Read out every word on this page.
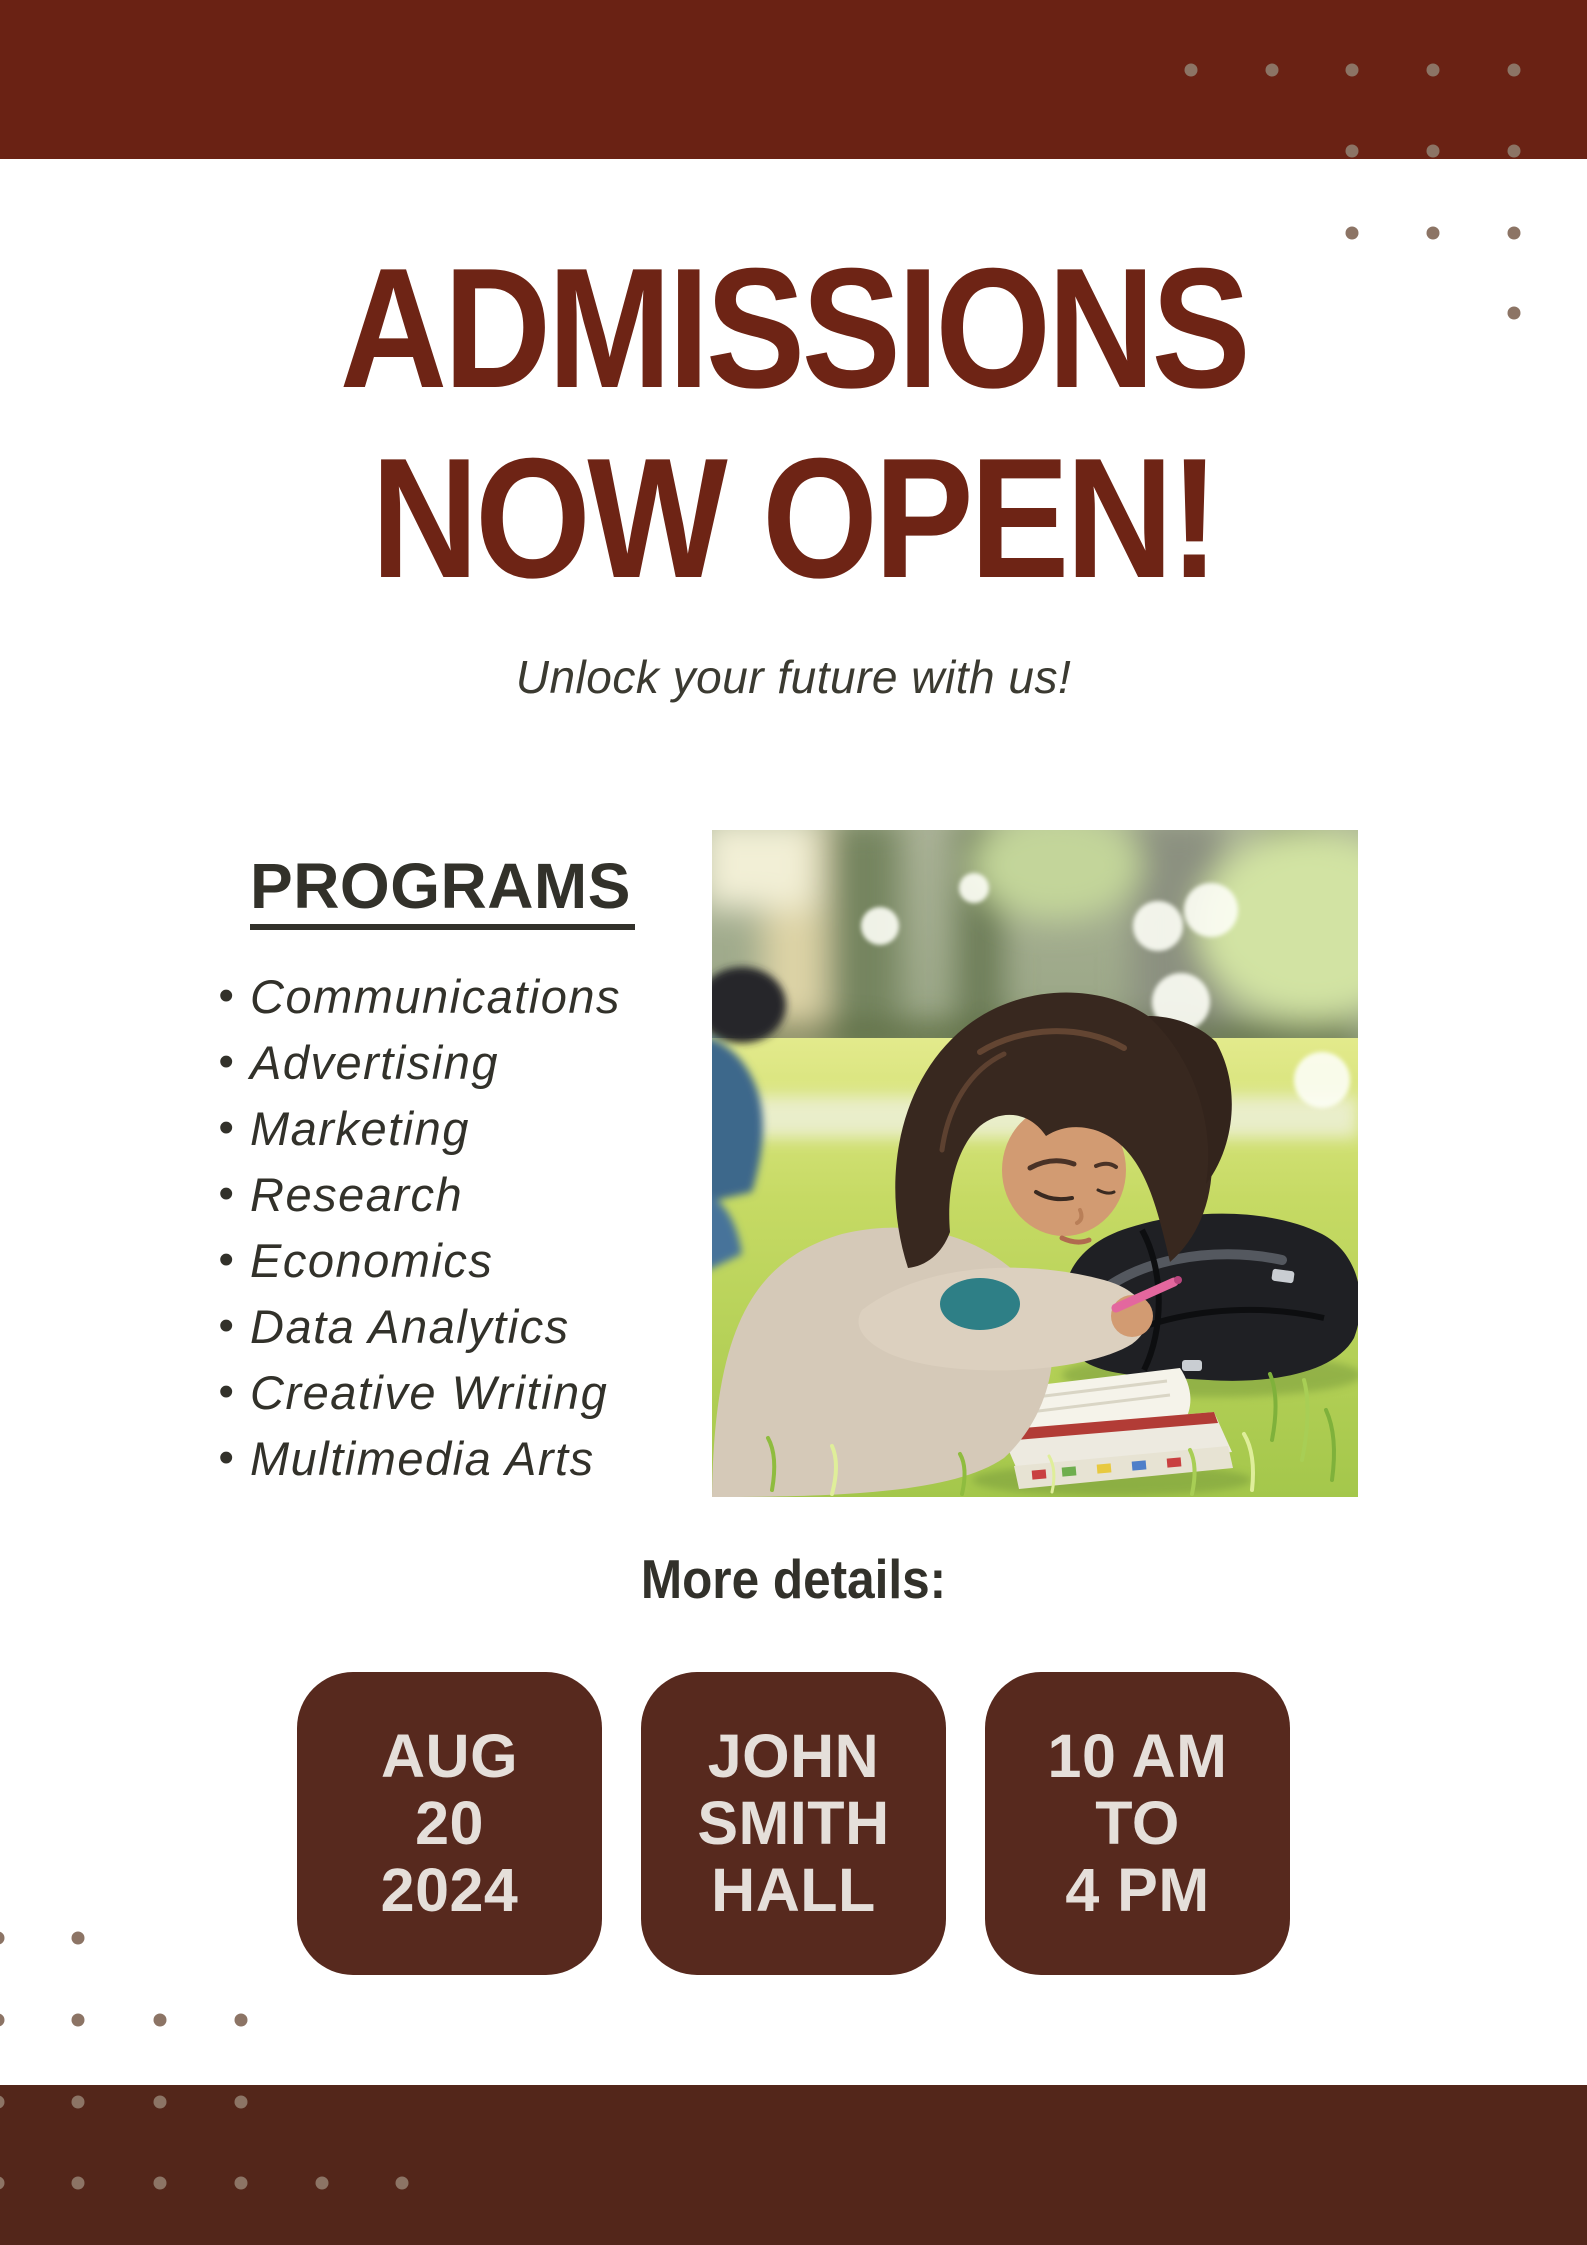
ADMISSIONS
NOW OPEN!
Unlock your future with us!
PROGRAMS
• Communications
• Advertising
• Marketing
• Research
• Economics
• Data Analytics
• Creative Writing
• Multimedia Arts
More details:
AUG
20
2024
JOHN
SMITH
HALL
10 AM
TO
4 PM
